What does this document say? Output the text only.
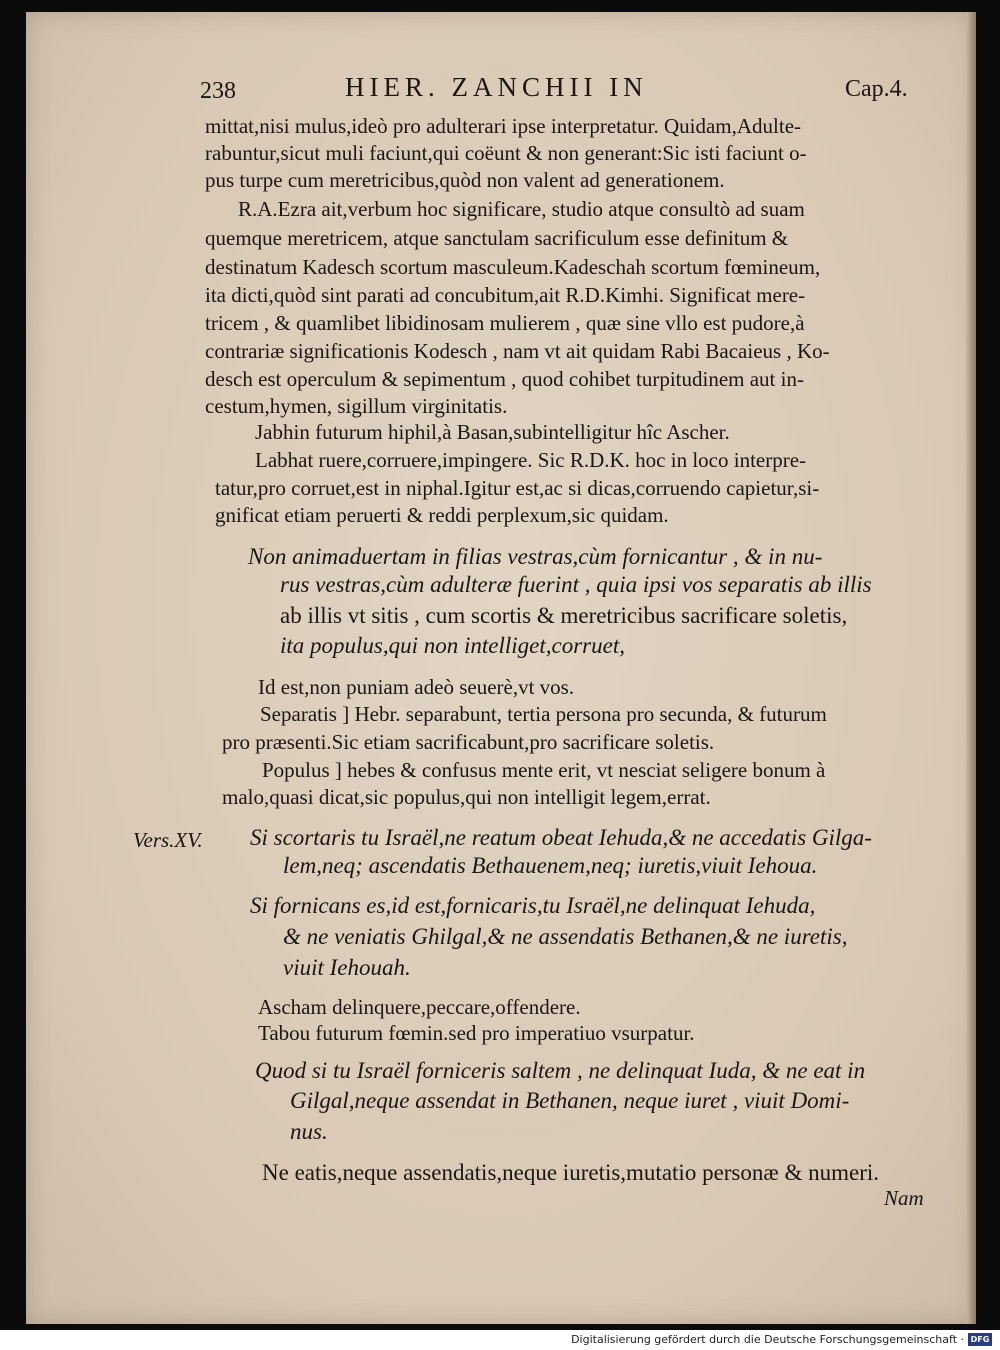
238	HIER. ZANCHII IN	Cap.4.
mittat,nisi mulus,ideò pro adulterari ipse interpretatur. Quidam,Adulte-
rabuntur,sicut muli faciunt,qui coëunt & non generant:Sic isti faciunt o-
pus turpe cum meretricibus,quòd non valent ad generationem.
R.A.Ezra ait,verbum hoc significare, studio atque consultò ad suam
quemque meretricem, atque sanctulam sacrificulum esse definitum &
destinatum Kadesch scortum masculeum.Kadeschah scortum fœmineum,
ita dicti,quòd sint parati ad concubitum,ait R.D.Kimhi. Significat mere-
tricem , & quamlibet libidinosam mulierem , quæ sine vllo est pudore,à
contrariæ significationis Kodesch , nam vt ait quidam Rabi Bacaieus , Ko-
desch est operculum & sepimentum , quod cohibet turpitudinem aut in-
cestum,hymen, sigillum virginitatis.
Jabhin futurum hiphil,à Basan,subintelligitur hîc Ascher.
Labhat ruere,corruere,impingere. Sic R.D.K. hoc in loco interpre-
tatur,pro corruet,est in niphal.Igitur est,ac si dicas,corruendo capietur,si-
gnificat etiam peruerti & reddi perplexum,sic quidam.
Non animaduertam in filias vestras,cùm fornicantur , & in nu-
rus vestras,cùm adulteræ fuerint , quia ipsi vos separatis ab illis
ab illis vt sitis , cum scortis & meretricibus sacrificare soletis,
ita populus,qui non intelliget,corruet,
Id est,non puniam adeò seuerè,vt vos.
Separatis ] Hebr. separabunt, tertia persona pro secunda, & futurum
pro præsenti.Sic etiam sacrificabunt,pro sacrificare soletis.
Populus ] hebes & confusus mente erit, vt nesciat seligere bonum à
malo,quasi dicat,sic populus,qui non intelligit legem,errat.
Vers.XV. Si scortaris tu Israël,ne reatum obeat Iehuda,& ne accedatis Gilga-
lem,neq; ascendatis Bethauenem,neq; iuretis,viuit Iehoua.
Si fornicans es,id est,fornicaris,tu Israël,ne delinquat Iehuda,
& ne veniatis Ghilgal,& ne assendatis Bethanen,& ne iuretis,
viuit Iehouah.
Ascham delinquere,peccare,offendere.
Tabou futurum fœmin.sed pro imperatiuo vsurpatur.
Quod si tu Israël forniceris saltem , ne delinquat Iuda, & ne eat in
Gilgal,neque assendat in Bethanen, neque iuret , viuit Domi-
nus.
Ne eatis,neque assendatis,neque iuretis,mutatio personæ & numeri.
Nam
Digitalisierung gefördert durch die Deutsche Forschungsgemeinschaft · DFG
